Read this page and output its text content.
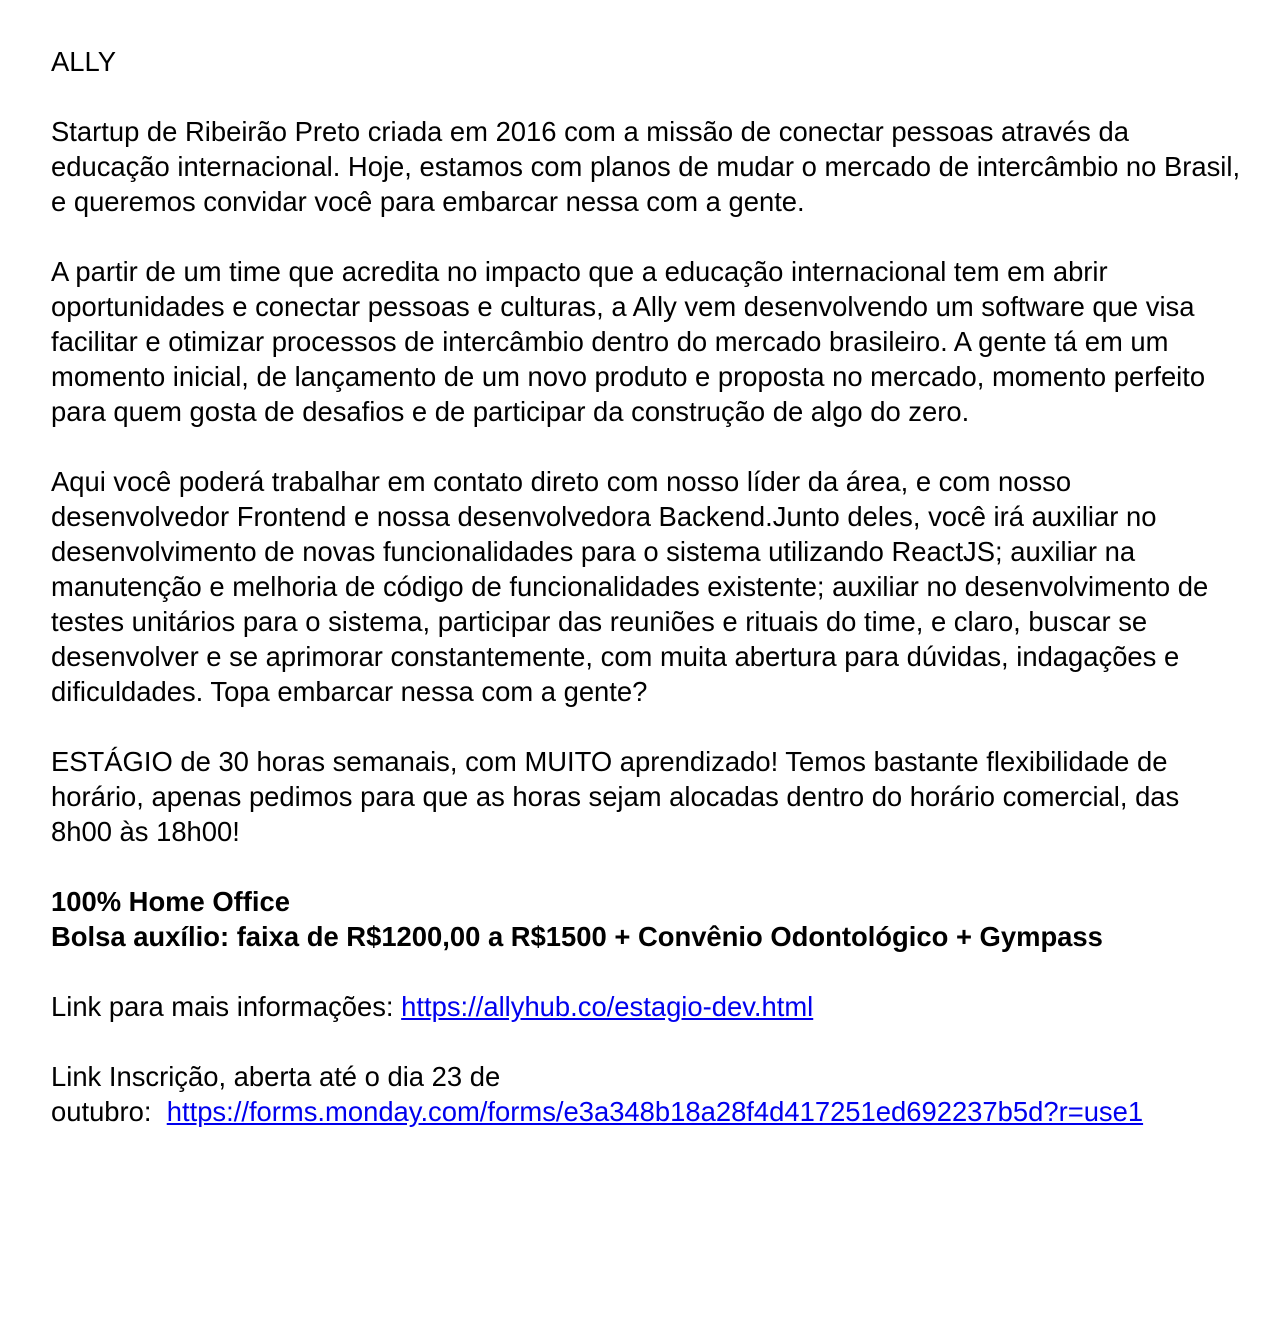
ALLY

Startup de Ribeirão Preto criada em 2016 com a missão de conectar pessoas através da educação internacional. Hoje, estamos com planos de mudar o mercado de intercâmbio no Brasil, e queremos convidar você para embarcar nessa com a gente.

A partir de um time que acredita no impacto que a educação internacional tem em abrir oportunidades e conectar pessoas e culturas, a Ally vem desenvolvendo um software que visa facilitar e otimizar processos de intercâmbio dentro do mercado brasileiro. A gente tá em um momento inicial, de lançamento de um novo produto e proposta no mercado, momento perfeito para quem gosta de desafios e de participar da construção de algo do zero.

Aqui você poderá trabalhar em contato direto com nosso líder da área, e com nosso desenvolvedor Frontend e nossa desenvolvedora Backend.Junto deles, você irá auxiliar no desenvolvimento de novas funcionalidades para o sistema utilizando ReactJS; auxiliar na manutenção e melhoria de código de funcionalidades existente; auxiliar no desenvolvimento de testes unitários para o sistema, participar das reuniões e rituais do time, e claro, buscar se desenvolver e se aprimorar constantemente, com muita abertura para dúvidas, indagações e dificuldades. Topa embarcar nessa com a gente?

ESTÁGIO de 30 horas semanais, com MUITO aprendizado! Temos bastante flexibilidade de horário, apenas pedimos para que as horas sejam alocadas dentro do horário comercial, das 8h00 às 18h00!

100% Home Office
Bolsa auxílio: faixa de R$1200,00 a R$1500 + Convênio Odontológico + Gympass

Link para mais informações: https://allyhub.co/estagio-dev.html

Link Inscrição, aberta até o dia 23 de
outubro:  https://forms.monday.com/forms/e3a348b18a28f4d417251ed692237b5d?r=use1
